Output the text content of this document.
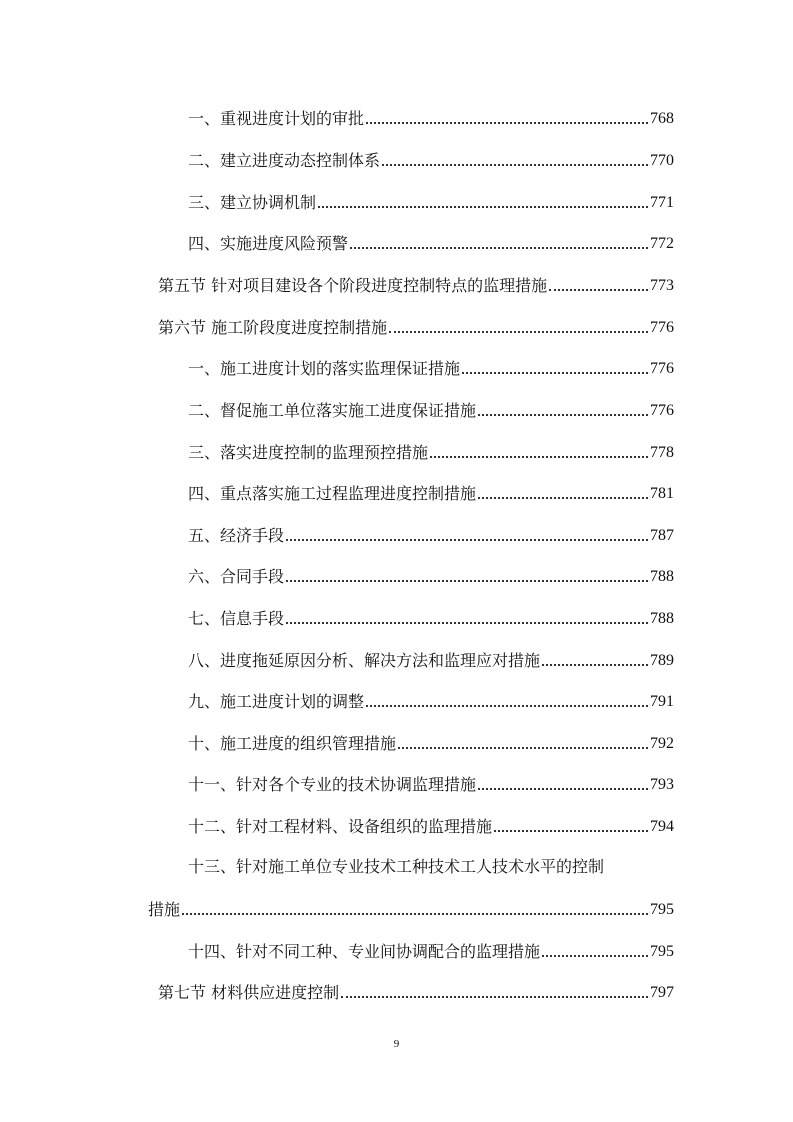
一、重视进度计划的审批	768
二、建立进度动态控制体系	770
三、建立协调机制	771
四、实施进度风险预警	772
第五节 针对项目建设各个阶段进度控制特点的监理措施	773
第六节 施工阶段度进度控制措施	776
一、施工进度计划的落实监理保证措施	776
二、督促施工单位落实施工进度保证措施	776
三、落实进度控制的监理预控措施	778
四、重点落实施工过程监理进度控制措施	781
五、经济手段	787
六、合同手段	788
七、信息手段	788
八、进度拖延原因分析、解决方法和监理应对措施	789
九、施工进度计划的调整	791
十、施工进度的组织管理措施	792
十一、针对各个专业的技术协调监理措施	793
十二、针对工程材料、设备组织的监理措施	794
十三、针对施工单位专业技术工种技术工人技术水平的控制
措施	795
十四、针对不同工种、专业间协调配合的监理措施	795
第七节 材料供应进度控制	797
9
